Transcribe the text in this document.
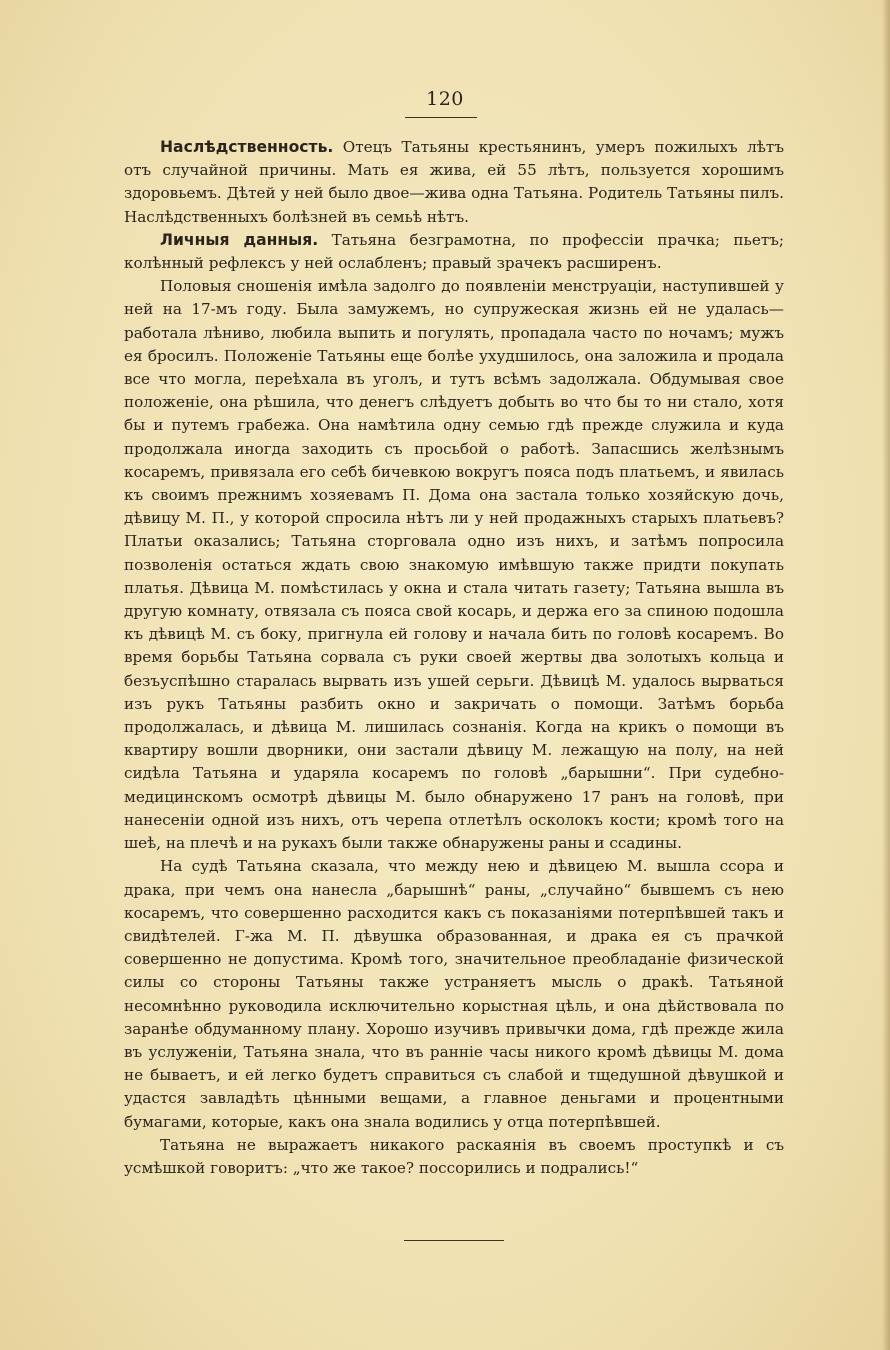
120

Наслѣдственность. Отецъ Татьяны крестьянинъ, умеръ пожилыхъ лѣтъ отъ случайной причины. Мать ея жива, ей 55 лѣтъ, пользуется хорошимъ здоровьемъ. Дѣтей у ней было двое—жива одна Татьяна. Родитель Татьяны пилъ. Наслѣдственныхъ болѣзней въ семьѣ нѣтъ.

Личныя данныя. Татьяна безграмотна, по профессіи прачка; пьетъ; колѣнный рефлексъ у ней ослабленъ; правый зрачекъ расширенъ.

Половыя сношенія имѣла задолго до появленіи менструаціи, наступившей у ней на 17-мъ году. Была замужемъ, но супружеская жизнь ей не удалась—работала лѣниво, любила выпить и погулять, пропадала часто по ночамъ; мужъ ея бросилъ. Положеніе Татьяны еще болѣе ухудшилось, она заложила и продала все что могла, переѣхала въ уголъ, и тутъ всѣмъ задолжала. Обдумывая свое положеніе, она рѣшила, что денегъ слѣдуетъ добыть во что бы то ни стало, хотя бы и путемъ грабежа. Она намѣтила одну семью гдѣ прежде служила и куда продолжала иногда заходить съ просьбой о работѣ. Запасшись желѣзнымъ косаремъ, привязала его себѣ бичевкою вокругъ пояса подъ платьемъ, и явилась къ своимъ прежнимъ хозяевамъ П. Дома она застала только хозяйскую дочь, дѣвицу М. П., у которой спросила нѣтъ ли у ней продажныхъ старыхъ платьевъ? Платьи оказались; Татьяна сторговала одно изъ нихъ, и затѣмъ попросила позволенія остаться ждать свою знакомую имѣвшую также придти покупать платья. Дѣвица М. помѣстилась у окна и стала читать газету; Татьяна вышла въ другую комнату, отвязала съ пояса свой косарь, и держа его за спиною подошла къ дѣвицѣ М. съ боку, пригнула ей голову и начала бить по головѣ косаремъ. Во время борьбы Татьяна сорвала съ руки своей жертвы два золотыхъ кольца и безъуспѣшно старалась вырвать изъ ушей серьги. Дѣвицѣ М. удалось вырваться изъ рукъ Татьяны разбить окно и закричать о помощи. Затѣмъ борьба продолжалась, и дѣвица М. лишилась сознанія. Когда на крикъ о помощи въ квартиру вошли дворники, они застали дѣвицу М. лежащую на полу, на ней сидѣла Татьяна и ударяла косаремъ по головѣ „барышни“. При судебно-медицинскомъ осмотрѣ дѣвицы М. было обнаружено 17 ранъ на головѣ, при нанесеніи одной изъ нихъ, отъ черепа отлетѣлъ осколокъ кости; кромѣ того на шеѣ, на плечѣ и на рукахъ были также обнаружены раны и ссадины.

На судѣ Татьяна сказала, что между нею и дѣвицею М. вышла ссора и драка, при чемъ она нанесла „барышнѣ“ раны, „случайно“ бывшемъ съ нею косаремъ, что совершенно расходится какъ съ показаніями потерпѣвшей такъ и свидѣтелей. Г-жа М. П. дѣвушка образованная, и драка ея съ прачкой совершенно не допустима. Кромѣ того, значительное преобладаніе физической силы со стороны Татьяны также устраняетъ мысль о дракѣ. Татьяной несомнѣнно руководила исключительно корыстная цѣль, и она дѣйствовала по заранѣе обдуманному плану. Хорошо изучивъ привычки дома, гдѣ прежде жила въ услуженіи, Татьяна знала, что въ ранніе часы никого кромѣ дѣвицы М. дома не бываетъ, и ей легко будетъ справиться съ слабой и тщедушной дѣвушкой и удастся завладѣть цѣнными вещами, а главное деньгами и процентными бумагами, которые, какъ она знала водились у отца потерпѣвшей.

Татьяна не выражаетъ никакого раскаянія въ своемъ проступкѣ и съ усмѣшкой говоритъ: „что же такое? поссорились и подрались!“
